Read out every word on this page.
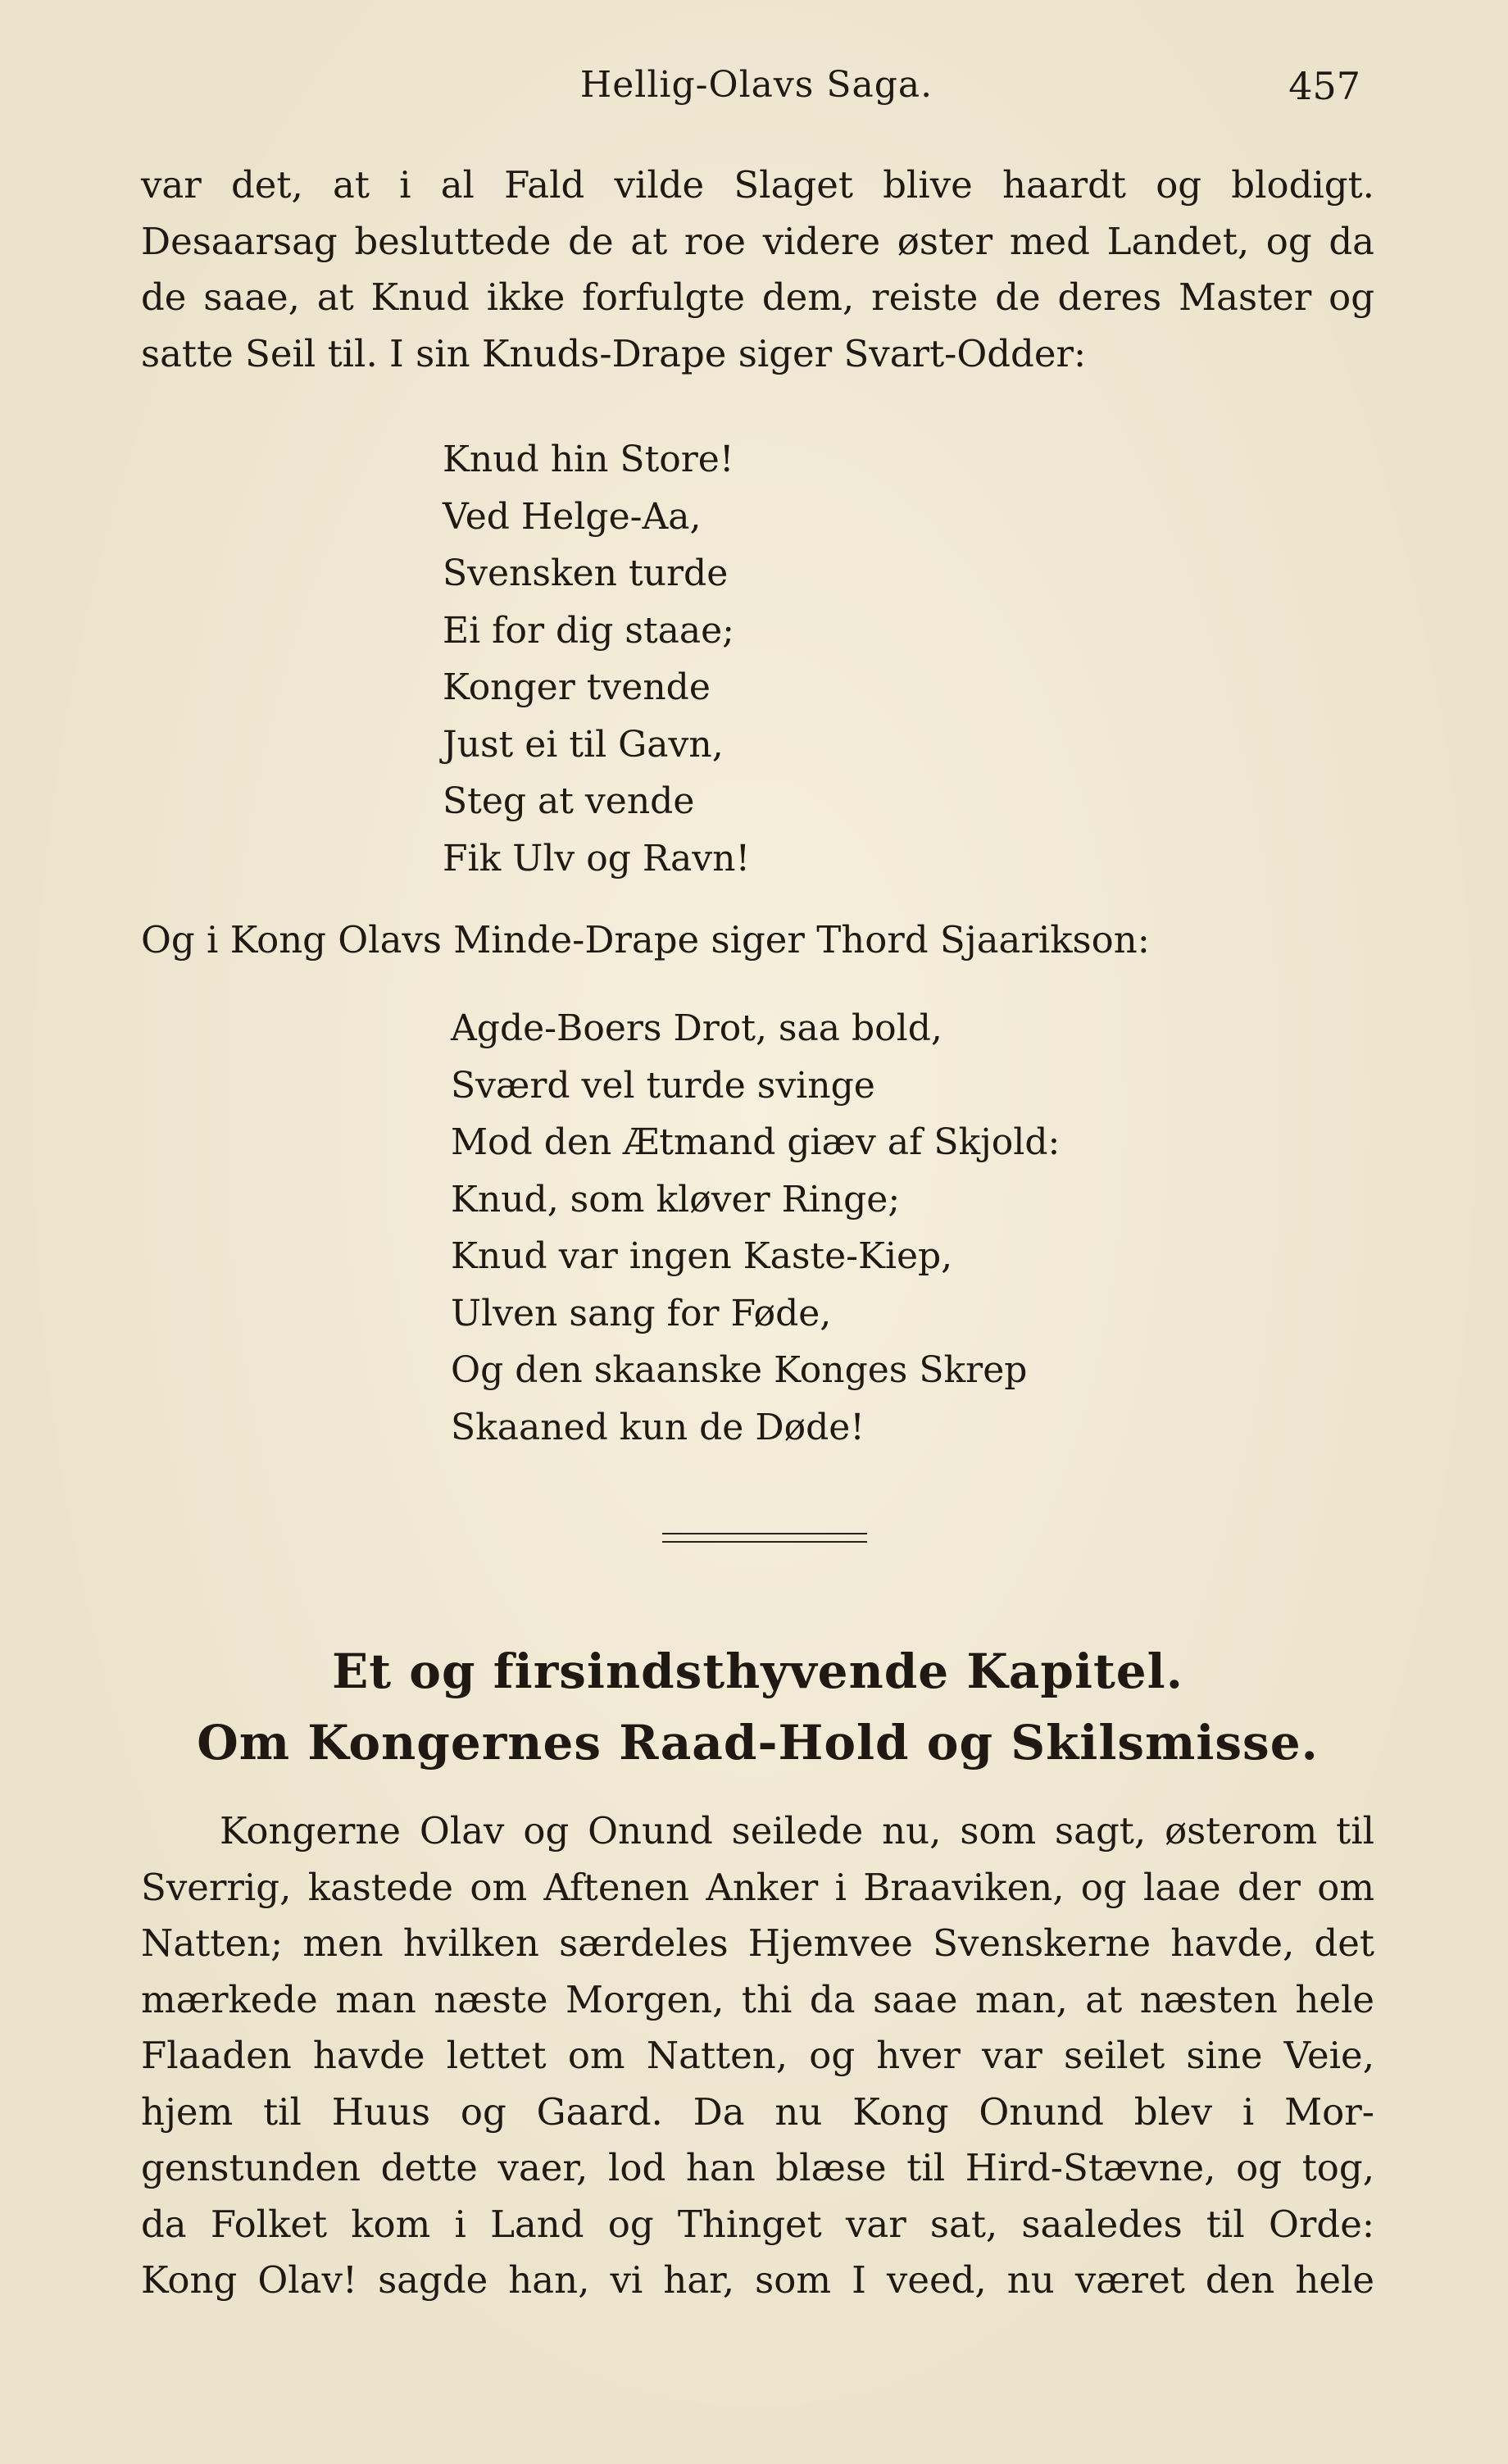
Hellig-Olavs Saga.	457
var det, at i al Fald vilde Slaget blive haardt og blodigt.
Desaarsag besluttede de at roe videre øster med Landet, og da
de saae, at Knud ikke forfulgte dem, reiste de deres Master og
satte Seil til. I sin Knuds-Drape siger Svart-Odder:
Knud hin Store!
Ved Helge-Aa,
Svensken turde
Ei for dig staae;
Konger tvende
Just ei til Gavn,
Steg at vende
Fik Ulv og Ravn!
Og i Kong Olavs Minde-Drape siger Thord Sjaarikson:
Agde-Boers Drot, saa bold,
Sværd vel turde svinge
Mod den Ætmand giæv af Skjold:
Knud, som kløver Ringe;
Knud var ingen Kaste-Kiep,
Ulven sang for Føde,
Og den skaanske Konges Skrep
Skaaned kun de Døde!
Et og firsindsthyvende Kapitel.
Om Kongernes Raad-Hold og Skilsmisse.
Kongerne Olav og Onund seilede nu, som sagt, østerom til
Sverrig, kastede om Aftenen Anker i Braaviken, og laae der om
Natten; men hvilken særdeles Hjemvee Svenskerne havde, det
mærkede man næste Morgen, thi da saae man, at næsten hele
Flaaden havde lettet om Natten, og hver var seilet sine Veie,
hjem til Huus og Gaard. Da nu Kong Onund blev i Mor-
genstunden dette vaer, lod han blæse til Hird-Stævne, og tog,
da Folket kom i Land og Thinget var sat, saaledes til Orde:
Kong Olav! sagde han, vi har, som I veed, nu været den hele
